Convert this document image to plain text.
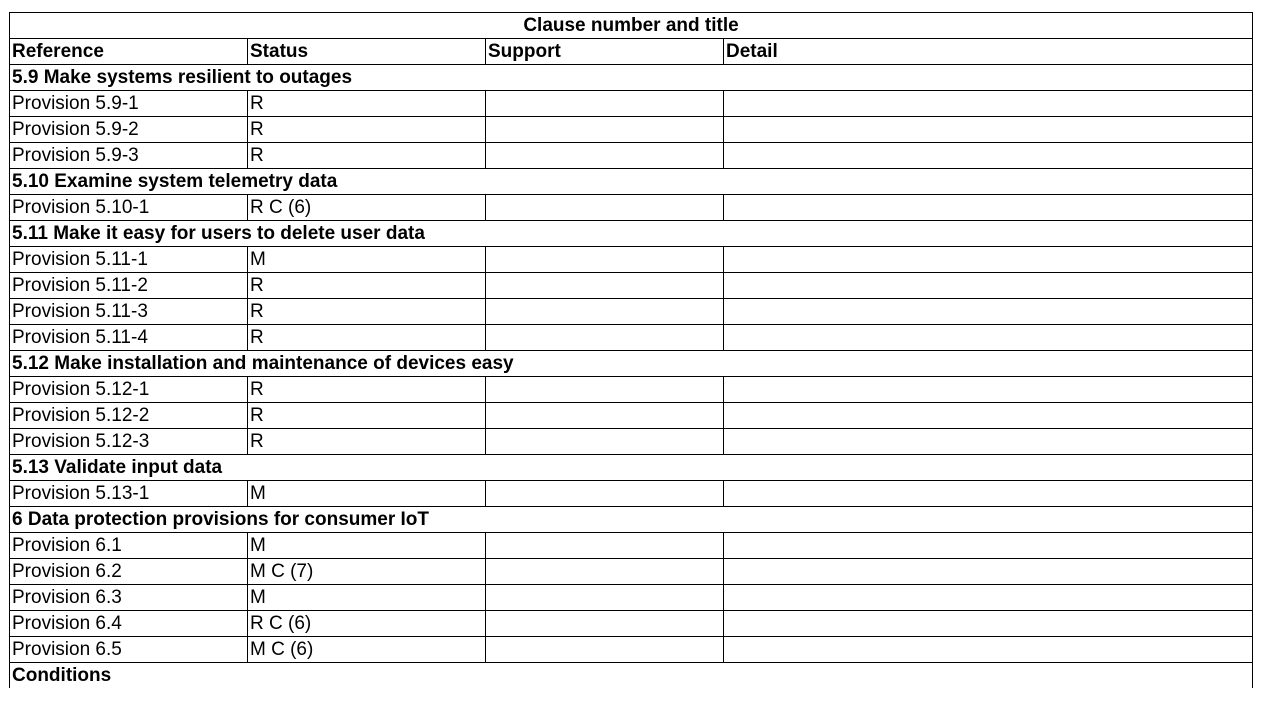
Clause number and title			
Reference	Status	Support	Detail
5.9 Make systems resilient to outages			
Provision 5.9-1	R		
Provision 5.9-2	R		
Provision 5.9-3	R		
5.10 Examine system telemetry data			
Provision 5.10-1	R C (6)		
5.11 Make it easy for users to delete user data			
Provision 5.11-1	M		
Provision 5.11-2	R		
Provision 5.11-3	R		
Provision 5.11-4	R		
5.12 Make installation and maintenance of devices easy			
Provision 5.12-1	R		
Provision 5.12-2	R		
Provision 5.12-3	R		
5.13 Validate input data			
Provision 5.13-1	M		
6 Data protection provisions for consumer IoT			
Provision 6.1	M		
Provision 6.2	M C (7)		
Provision 6.3	M		
Provision 6.4	R C (6)		
Provision 6.5	M C (6)		
Conditions			
